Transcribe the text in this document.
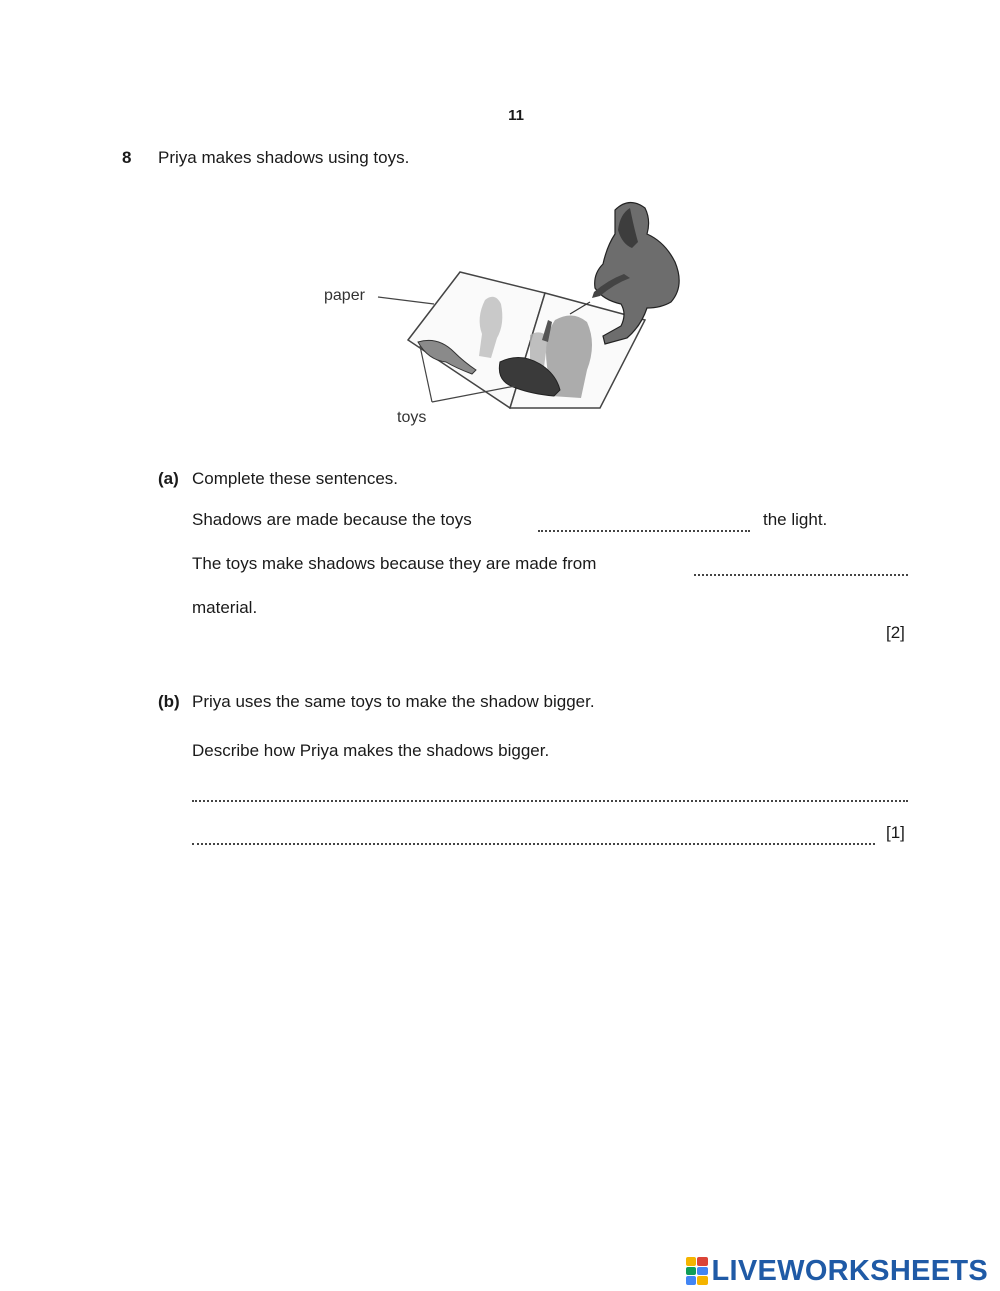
11
8 Priya makes shadows using toys.
paper
toys
(a) Complete these sentences.
Shadows are made because the toys	the light.
The toys make shadows because they are made from
material.
[2]
(b) Priya uses the same toys to make the shadow bigger.
Describe how Priya makes the shadows bigger.
[1]
LIVEWORKSHEETS
